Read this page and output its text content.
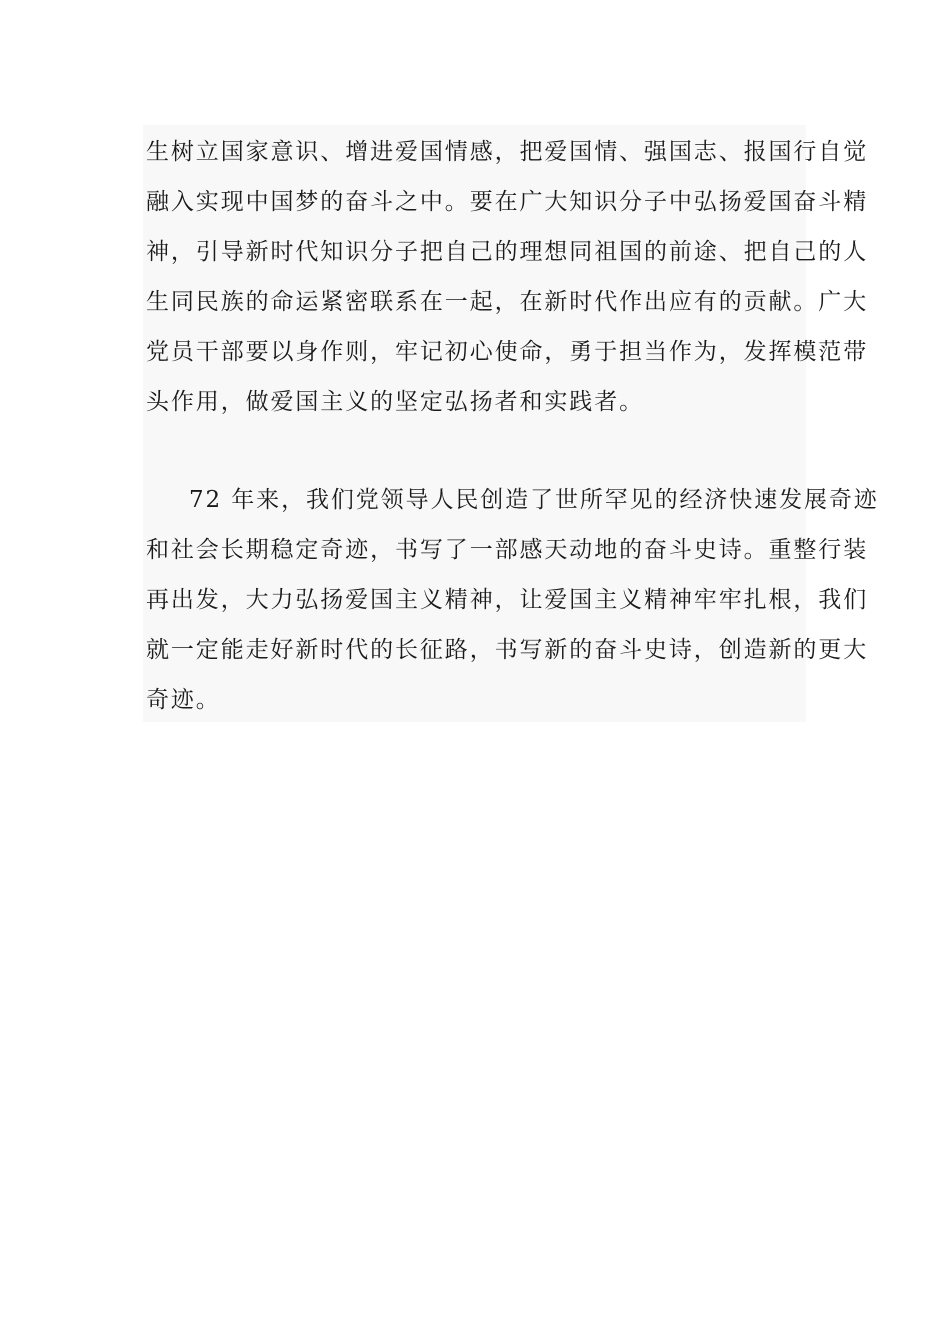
生树立国家意识、增进爱国情感，把爱国情、强国志、报国行自觉
融入实现中国梦的奋斗之中。要在广大知识分子中弘扬爱国奋斗精
神，引导新时代知识分子把自己的理想同祖国的前途、把自己的人
生同民族的命运紧密联系在一起，在新时代作出应有的贡献。广大
党员干部要以身作则，牢记初心使命，勇于担当作为，发挥模范带
头作用，做爱国主义的坚定弘扬者和实践者。
72 年来，我们党领导人民创造了世所罕见的经济快速发展奇迹
和社会长期稳定奇迹，书写了一部感天动地的奋斗史诗。重整行装
再出发，大力弘扬爱国主义精神，让爱国主义精神牢牢扎根，我们
就一定能走好新时代的长征路，书写新的奋斗史诗，创造新的更大
奇迹。
